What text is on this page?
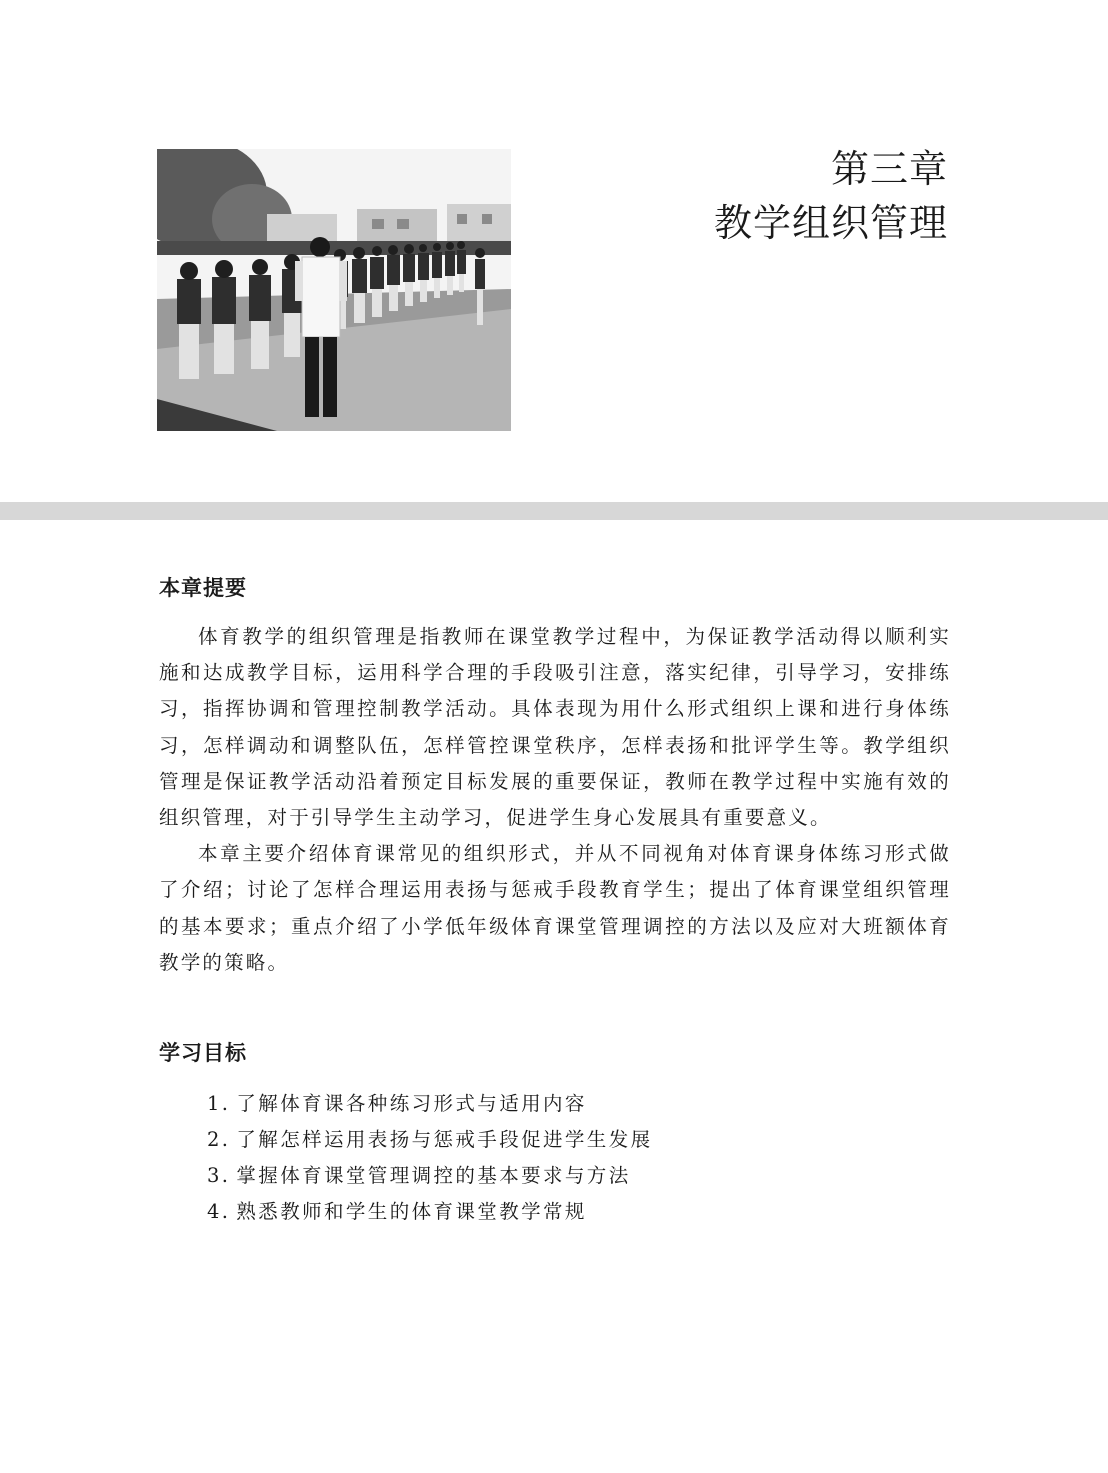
第三章
教学组织管理
本章提要

体育教学的组织管理是指教师在课堂教学过程中，为保证教学活动得以顺利实施和达成教学目标，运用科学合理的手段吸引注意，落实纪律，引导学习，安排练习，指挥协调和管理控制教学活动。具体表现为用什么形式组织上课和进行身体练习，怎样调动和调整队伍，怎样管控课堂秩序，怎样表扬和批评学生等。教学组织管理是保证教学活动沿着预定目标发展的重要保证，教师在教学过程中实施有效的组织管理，对于引导学生主动学习，促进学生身心发展具有重要意义。

本章主要介绍体育课常见的组织形式，并从不同视角对体育课身体练习形式做了介绍；讨论了怎样合理运用表扬与惩戒手段教育学生；提出了体育课堂组织管理的基本要求；重点介绍了小学低年级体育课堂管理调控的方法以及应对大班额体育教学的策略。

学习目标
1. 了解体育课各种练习形式与适用内容
2. 了解怎样运用表扬与惩戒手段促进学生发展
3. 掌握体育课堂管理调控的基本要求与方法
4. 熟悉教师和学生的体育课堂教学常规
